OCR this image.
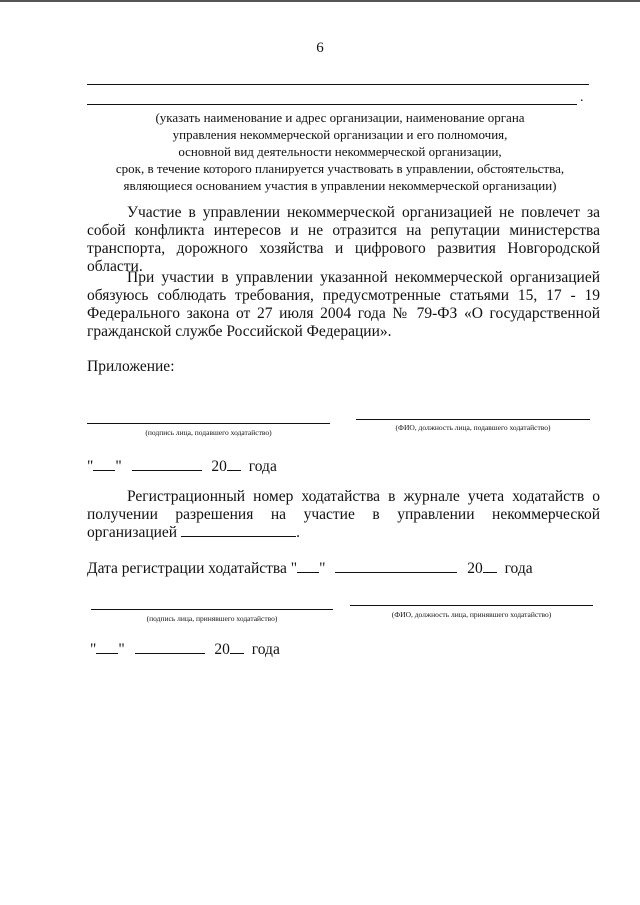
6
.
(указать наименование и адрес организации, наименование органа
управления некоммерческой организации и его полномочия,
основной вид деятельности некоммерческой организации,
срок, в течение которого планируется участвовать в управлении, обстоятельства,
являющиеся основанием участия в управлении некоммерческой организации)
Участие в управлении некоммерческой организацией не повлечет за собой конфликта интересов и не отразится на репутации министерства транспорта, дорожного хозяйства и цифрового развития Новгородской области.
При участии в управлении указанной некоммерческой организацией обязуюсь соблюдать требования, предусмотренные статьями 15, 17 - 19 Федерального закона от 27 июля 2004 года № 79-ФЗ «О государственной гражданской службе Российской Федерации».
Приложение:
(подпись лица, подавшего ходатайство)
(ФИО, должность лица, подавшего ходатайство)
" "	20 года
Регистрационный номер ходатайства в журнале учета ходатайств о получении разрешения на участие в управлении некоммерческой организацией	.
Дата регистрации ходатайства " "	20 года
(подпись лица, принявшего ходатайство)	(ФИО, должность лица, принявшего ходатайство)
" "	20 года
